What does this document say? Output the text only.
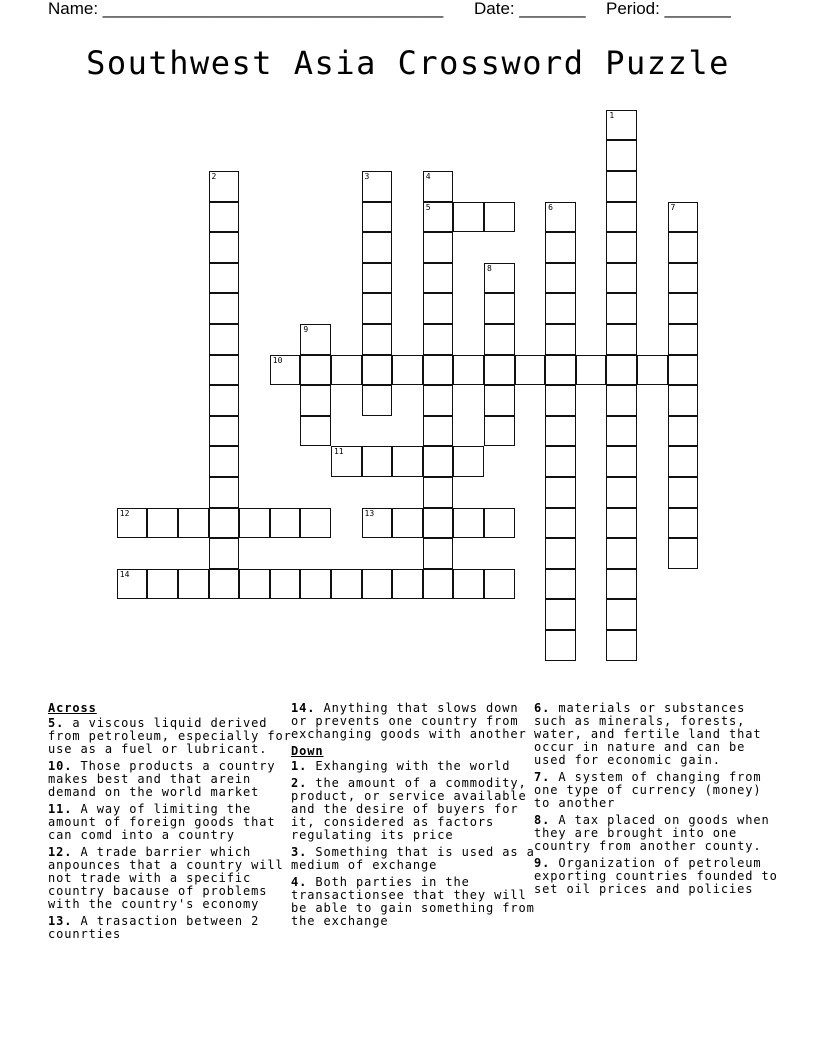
Name: ____________________________________ Date: _______ Period: _______
Southwest Asia Crossword Puzzle
1
2	3	4
5	6	7
8
9
10
11
12	13
14
Across
5. a viscous liquid derived from petroleum, especially for use as a fuel or lubricant.
10. Those products a country makes best and that arein demand on the world market
11. A way of limiting the amount of foreign goods that can comd into a country
12. A trade barrier which anpounces that a country will not trade with a specific country bacause of problems with the country's economy
13. A trasaction between 2 counrties
14. Anything that slows down or prevents one country from exchanging goods with another
Down
1. Exhanging with the world
2. the amount of a commodity, product, or service available and the desire of buyers for it, considered as factors regulating its price
3. Something that is used as a medium of exchange
4. Both parties in the transactionsee that they will be able to gain something from the exchange
6. materials or substances such as minerals, forests, water, and fertile land that occur in nature and can be used for economic gain.
7. A system of changing from one type of currency (money) to another
8. A tax placed on goods when they are brought into one country from another county.
9. Organization of petroleum exporting countries founded to set oil prices and policies
